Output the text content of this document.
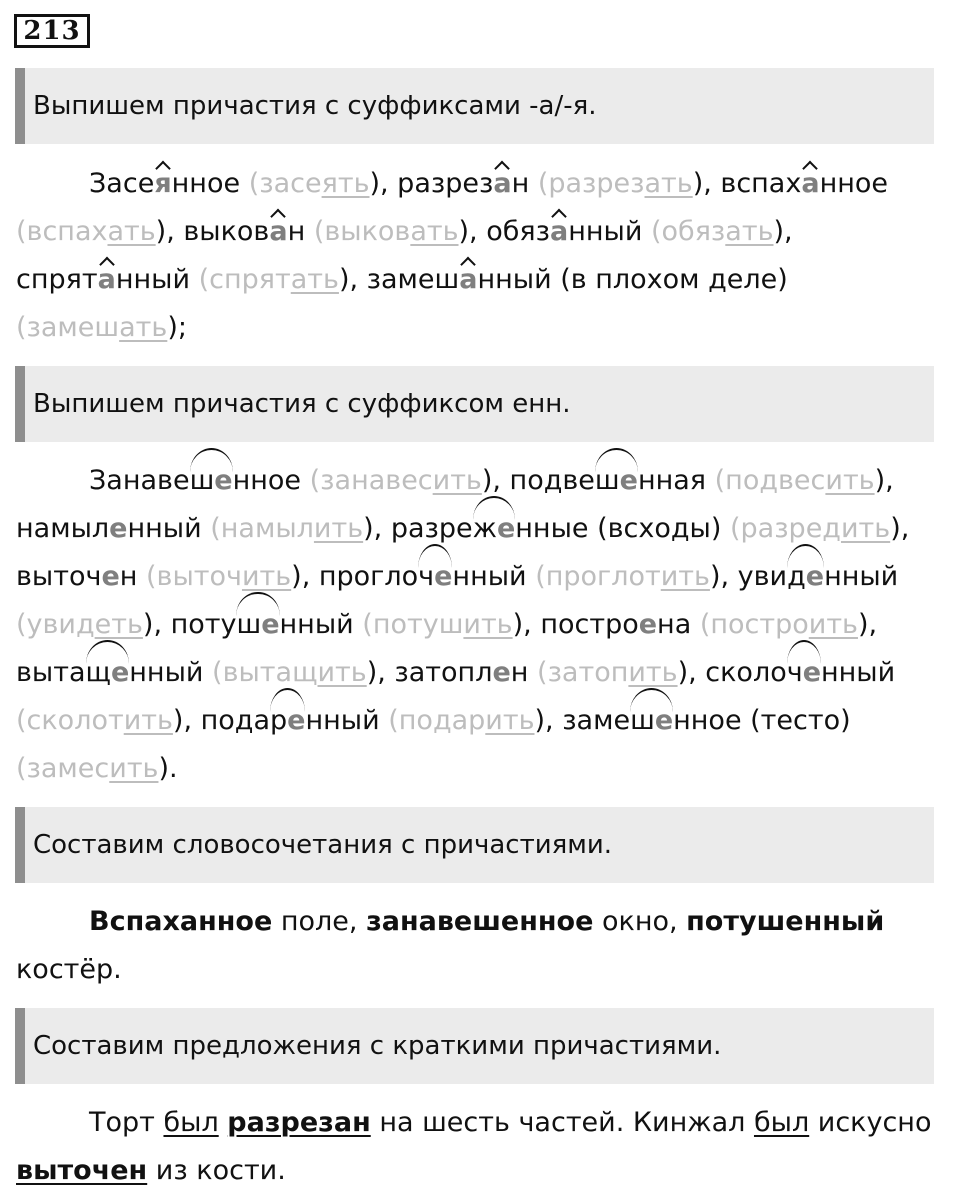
213
Выпишем причастия с суффиксами -а/-я.
Засеянное (засеять), разрезан (разрезать), вспаханное (вспахать), выкован (выковать), обязанный (обязать), спрятанный (спрятать), замешанный (в плохом деле) (замешать);
Выпишем причастия с суффиксом енн.
Занавешенное (занавесить), подвешенная (подвесить), намыленный (намылить), разреженные (всходы) (разредить), выточен (выточить), проглоченный (проглотить), увиденный (увидеть), потушенный (потушить), построена (построить), вытащенный (вытащить), затоплен (затопить), сколоченный (сколотить), подаренный (подарить), замешенное (тесто) (замесить).
Составим словосочетания с причастиями.
Вспаханное поле, занавешенное окно, потушенный костёр.
Составим предложения с краткими причастиями.
Торт был разрезан на шесть частей. Кинжал был искусно выточен из кости.
